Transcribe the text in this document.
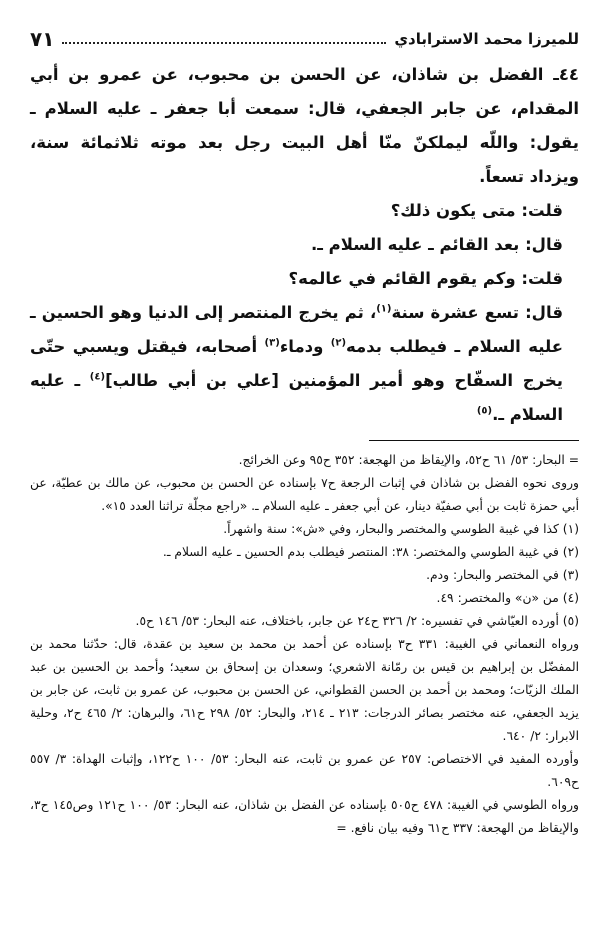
للميرزا محمد الاسترابادي
٧١

٤٤ـ الفضل بن شاذان، عن الحسن بن محبوب، عن عمرو بن أبي المقدام، عن جابر الجعفي، قال: سمعت أبا جعفر ـ عليه السلام ـ يقول: واللّه ليملكنّ منّا أهل البيت رجل بعد موته ثلاثمائة سنة، ويزداد تسعاً.

قلت: متى يكون ذلك؟

قال: بعد القائم ـ عليه السلام ـ.

قلت: وكم يقوم القائم في عالمه؟

قال: تسع عشرة سنة$^{(١)}$، ثم يخرج المنتصر إلى الدنيا وهو الحسين ـ عليه السلام ـ فيطلب بدمه$^{(٢)}$ ودماء$^{(٣)}$ أصحابه، فيقتل ويسبي حتّى يخرج السفّاح وهو أمير المؤمنين [علي بن أبي طالب]$^{(٤)}$ ـ عليه السلام ـ.$^{(٥)}$

= البحار: ٥٣/ ٦١ ح٥٢، والإيقاظ من الهجعة: ٣٥٢ ح٩٥ وعن الخرائج.

وروى نحوه الفضل بن شاذان في إثبات الرجعة ح٧ بإسناده عن الحسن بن محبوب، عن مالك بن عطيّة، عن أبي حمزة ثابت بن أبي صفيّة دينار، عن أبي جعفر ـ عليه السلام ـ. «راجع مجلّة تراثنا العدد ١٥».

(١) كذا في غيبة الطوسي والمختصر والبحار، وفي «ش»: سنة واشهراً.

(٢) في غيبة الطوسي والمختصر: ٣٨: المنتصر فيطلب بدم الحسين ـ عليه السلام ـ.

(٣) في المختصر والبحار: ودم.

(٤) من «ن» والمختصر: ٤٩.

(٥) أورده العيّاشي في تفسيره: ٢/ ٣٢٦ ح٢٤ عن جابر، باختلاف، عنه البحار: ٥٣/ ١٤٦ ح٥.

ورواه النعماني في الغيبة: ٣٣١ ح٣ بإسناده عن أحمد بن محمد بن سعيد بن عقدة، قال: حدّثنا محمد بن المفضّل بن إبراهيم بن قيس بن رمّانة الاشعري؛ وسعدان بن إسحاق بن سعيد؛ وأحمد بن الحسين بن عبد الملك الزيّات؛ ومحمد بن أحمد بن الحسن القطواني، عن الحسن بن محبوب، عن عمرو بن ثابت، عن جابر بن يزيد الجعفي، عنه مختصر بصائر الدرجات: ٢١٣ ـ ٢١٤، والبحار: ٥٢/ ٢٩٨ ح٦١، والبرهان: ٢/ ٤٦٥ ح٢، وحلية الابرار: ٢/ ٦٤٠.

وأورده المفيد في الاختصاص: ٢٥٧ عن عمرو بن ثابت، عنه البحار: ٥٣/ ١٠٠ ح١٢٢، وإثبات الهداة: ٣/ ٥٥٧ ح٦٠٩.

ورواه الطوسي في الغيبة: ٤٧٨ ح٥٠٥ بإسناده عن الفضل بن شاذان، عنه البحار: ٥٣/ ١٠٠ ح١٢١ وص١٤٥ ح٣، والإيقاظ من الهجعة: ٣٣٧ ح٦١ وفيه بيان نافع. =
